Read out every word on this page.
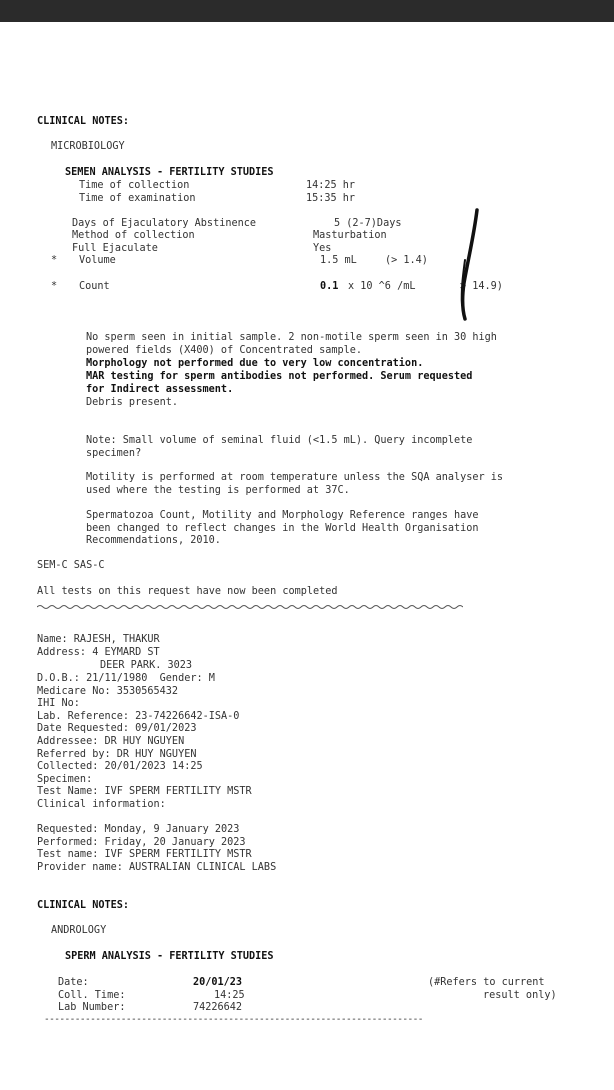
CLINICAL NOTES:
MICROBIOLOGY
SEMEN ANALYSIS - FERTILITY STUDIES
Time of collection	14:25 hr
Time of examination	15:35 hr
Days of Ejaculatory Abstinence	5 (2-7)Days
Method of collection	Masturbation
Full Ejaculate	Yes
* Volume	1.5 mL	(> 1.4)
* Count	0.1 x 10 ^6 /mL	> 14.9)
No sperm seen in initial sample. 2 non-motile sperm seen in 30 high
powered fields (X400) of Concentrated sample.
Morphology not performed due to very low concentration.
MAR testing for sperm antibodies not performed. Serum requested
for Indirect assessment.
Debris present.
Note: Small volume of seminal fluid (<1.5 mL). Query incomplete
specimen?
Motility is performed at room temperature unless the SQA analyser is
used where the testing is performed at 37C.
Spermatozoa Count, Motility and Morphology Reference ranges have
been changed to reflect changes in the World Health Organisation
Recommendations, 2010.
SEM-C SAS-C
All tests on this request have now been completed
Name: RAJESH, THAKUR
Address: 4 EYMARD ST
DEER PARK. 3023
D.O.B.: 21/11/1980  Gender: M
Medicare No: 3530565432
IHI No:
Lab. Reference: 23-74226642-ISA-0
Date Requested: 09/01/2023
Addressee: DR HUY NGUYEN
Referred by: DR HUY NGUYEN
Collected: 20/01/2023 14:25
Specimen:
Test Name: IVF SPERM FERTILITY MSTR
Clinical information:
Requested: Monday, 9 January 2023
Performed: Friday, 20 January 2023
Test name: IVF SPERM FERTILITY MSTR
Provider name: AUSTRALIAN CLINICAL LABS
CLINICAL NOTES:
ANDROLOGY
SPERM ANALYSIS - FERTILITY STUDIES
Date:	20/01/23
Coll. Time:	14:25
Lab Number:	74226642
(#Refers to current
result only)
--------------------------------------------------------------------------
